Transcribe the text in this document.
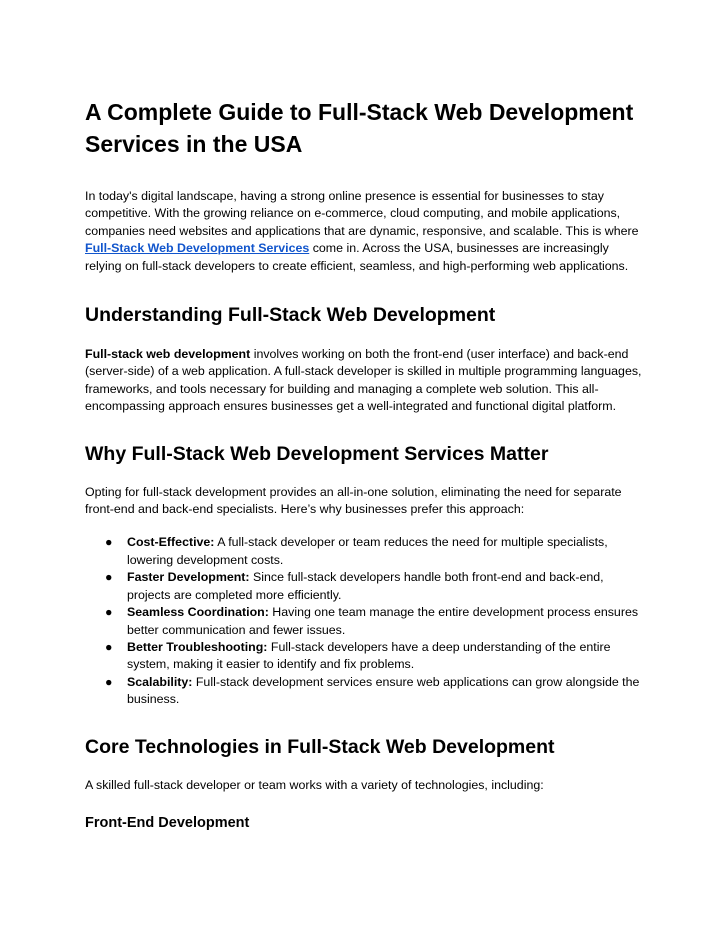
A Complete Guide to Full-Stack Web Development Services in the USA

In today's digital landscape, having a strong online presence is essential for businesses to stay competitive. With the growing reliance on e-commerce, cloud computing, and mobile applications, companies need websites and applications that are dynamic, responsive, and scalable. This is where Full-Stack Web Development Services come in. Across the USA, businesses are increasingly relying on full-stack developers to create efficient, seamless, and high-performing web applications.

Understanding Full-Stack Web Development

Full-stack web development involves working on both the front-end (user interface) and back-end (server-side) of a web application. A full-stack developer is skilled in multiple programming languages, frameworks, and tools necessary for building and managing a complete web solution. This all-encompassing approach ensures businesses get a well-integrated and functional digital platform.

Why Full-Stack Web Development Services Matter

Opting for full-stack development provides an all-in-one solution, eliminating the need for separate front-end and back-end specialists. Here’s why businesses prefer this approach:

● Cost-Effective: A full-stack developer or team reduces the need for multiple specialists, lowering development costs.
● Faster Development: Since full-stack developers handle both front-end and back-end, projects are completed more efficiently.
● Seamless Coordination: Having one team manage the entire development process ensures better communication and fewer issues.
● Better Troubleshooting: Full-stack developers have a deep understanding of the entire system, making it easier to identify and fix problems.
● Scalability: Full-stack development services ensure web applications can grow alongside the business.
Core Technologies in Full-Stack Web Development

A skilled full-stack developer or team works with a variety of technologies, including:

Front-End Development
